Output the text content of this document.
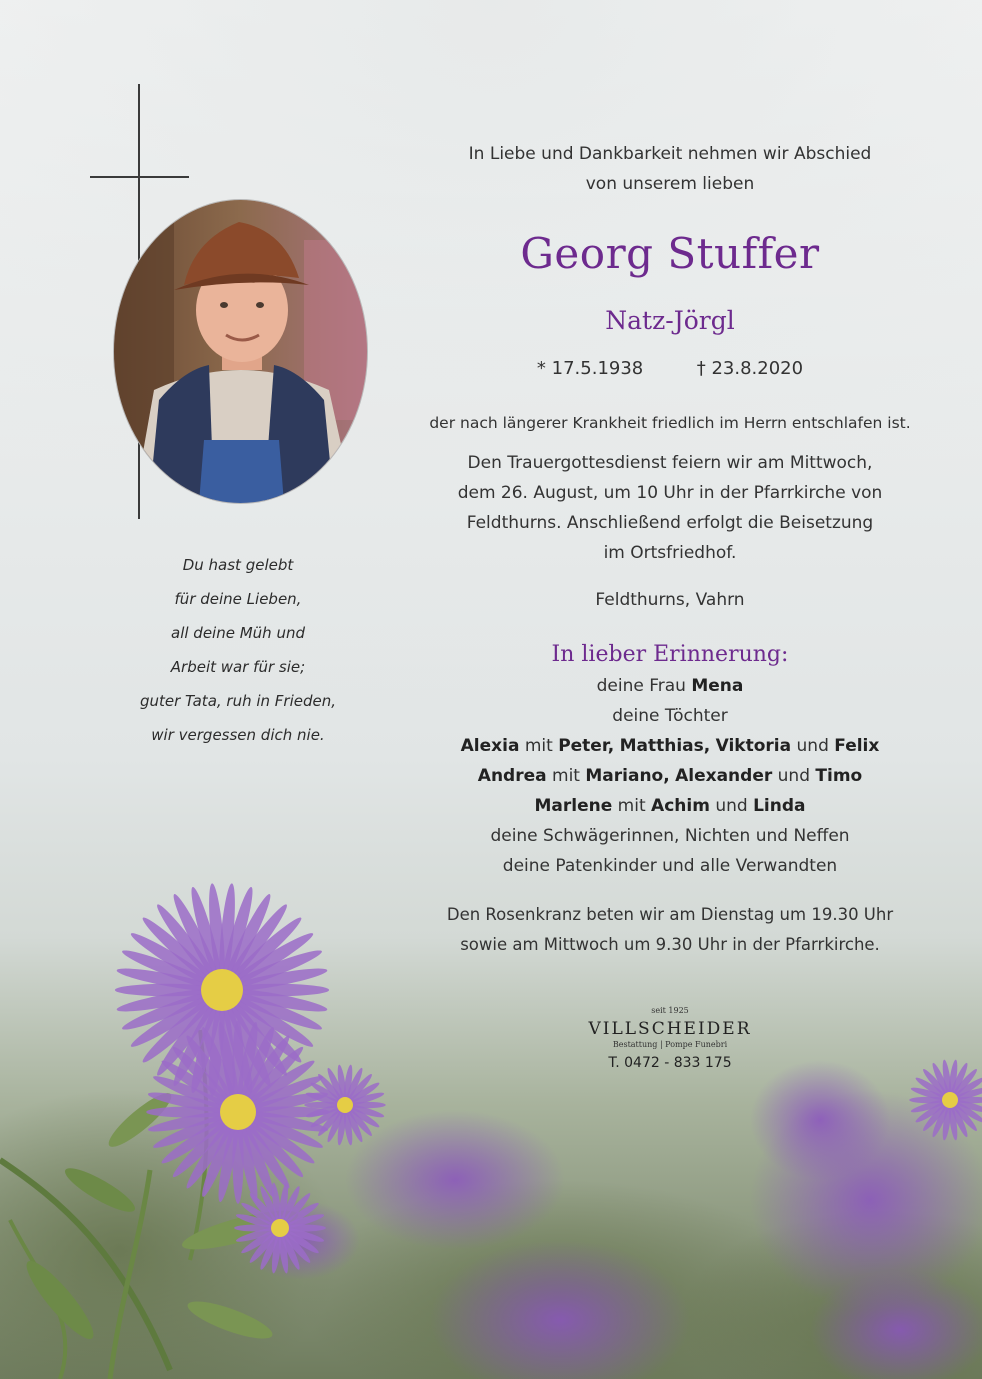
Du hast gelebt
für deine Lieben,
all deine Müh und
Arbeit war für sie;
guter Tata, ruh in Frieden,
wir vergessen dich nie.
In Liebe und Dankbarkeit nehmen wir Abschied
von unserem lieben
Georg Stuffer
Natz-Jörgl
* 17.5.1938	† 23.8.2020
der nach längerer Krankheit friedlich im Herrn entschlafen ist.
Den Trauergottesdienst feiern wir am Mittwoch,
dem 26. August, um 10 Uhr in der Pfarrkirche von
Feldthurns. Anschließend erfolgt die Beisetzung
im Ortsfriedhof.
Feldthurns, Vahrn
In lieber Erinnerung:
deine Frau Mena
deine Töchter
Alexia mit Peter, Matthias, Viktoria und Felix
Andrea mit Mariano, Alexander und Timo
Marlene mit Achim und Linda
deine Schwägerinnen, Nichten und Neffen
deine Patenkinder und alle Verwandten
Den Rosenkranz beten wir am Dienstag um 19.30 Uhr
sowie am Mittwoch um 9.30 Uhr in der Pfarrkirche.
seit 1925
VILLSCHEIDER
Bestattung | Pompe Funebri
T. 0472 - 833 175
